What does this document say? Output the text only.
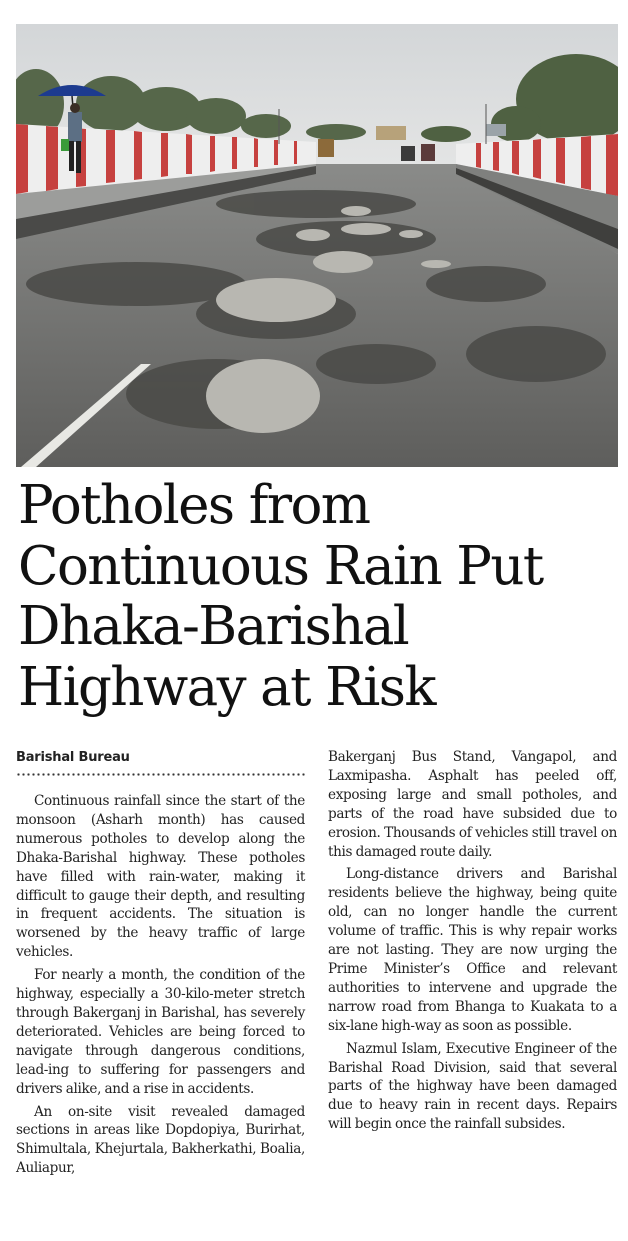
Potholes from
Continuous Rain Put
Dhaka-Barishal
Highway at Risk
Barishal Bureau

Continuous rainfall since the start of the monsoon (Asharh month) has caused numerous potholes to develop along the Dhaka-Barishal highway. These potholes have filled with rain-water, making it difficult to gauge their depth, and resulting in frequent accidents. The situation is worsened by the heavy traffic of large vehicles.

For nearly a month, the condition of the highway, especially a 30-kilo-meter stretch through Bakerganj in Barishal, has severely deteriorated. Vehicles are being forced to navigate through dangerous conditions, lead-ing to suffering for passengers and drivers alike, and a rise in accidents.

An on-site visit revealed damaged sections in areas like Dopdopiya, Burirhat, Shimultala, Khejurtala, Bakherkathi, Boalia, Auliapur,

Bakerganj Bus Stand, Vangapol, and Laxmipasha. Asphalt has peeled off, exposing large and small potholes, and parts of the road have subsided due to erosion. Thousands of vehicles still travel on this damaged route daily.

Long-distance drivers and Barishal residents believe the highway, being quite old, can no longer handle the current volume of traffic. This is why repair works are not lasting. They are now urging the Prime Minister’s Office and relevant authorities to intervene and upgrade the narrow road from Bhanga to Kuakata to a six-lane high-way as soon as possible.

Nazmul Islam, Executive Engineer of the Barishal Road Division, said that several parts of the highway have been damaged due to heavy rain in recent days. Repairs will begin once the rainfall subsides.
